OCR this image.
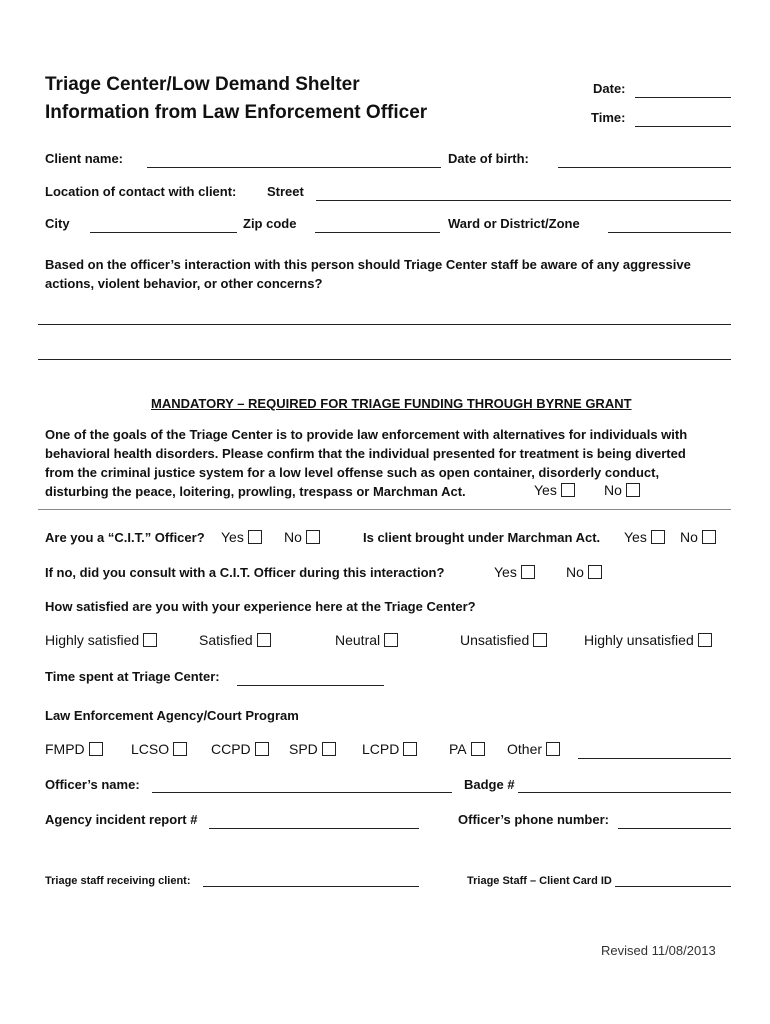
Triage Center/Low Demand Shelter
Information from Law Enforcement Officer
Date:
Time:
Client name:	Date of birth:
Location of contact with client: Street
City	Zip code	Ward or District/Zone
Based on the officer’s interaction with this person should Triage Center staff be aware of any aggressive
actions, violent behavior, or other concerns?
MANDATORY – REQUIRED FOR TRIAGE FUNDING THROUGH BYRNE GRANT
One of the goals of the Triage Center is to provide law enforcement with alternatives for individuals with
behavioral health disorders. Please confirm that the individual presented for treatment is being diverted
from the criminal justice system for a low level offense such as open container, disorderly conduct,
disturbing the peace, loitering, prowling, trespass or Marchman Act.	Yes	No
Are you a “C.I.T.” Officer? Yes	No	Is client brought under Marchman Act. Yes	No
If no, did you consult with a C.I.T. Officer during this interaction?	Yes	No
How satisfied are you with your experience here at the Triage Center?
Highly satisfied	Satisfied	Neutral	Unsatisfied	Highly unsatisfied
Time spent at Triage Center:
Law Enforcement Agency/Court Program
FMPD	LCSO	CCPD	SPD	LCPD	PA	Other
Officer’s name:	Badge #
Agency incident report #	Officer’s phone number:
Triage staff receiving client:	Triage Staff – Client Card ID
Revised 11/08/2013
